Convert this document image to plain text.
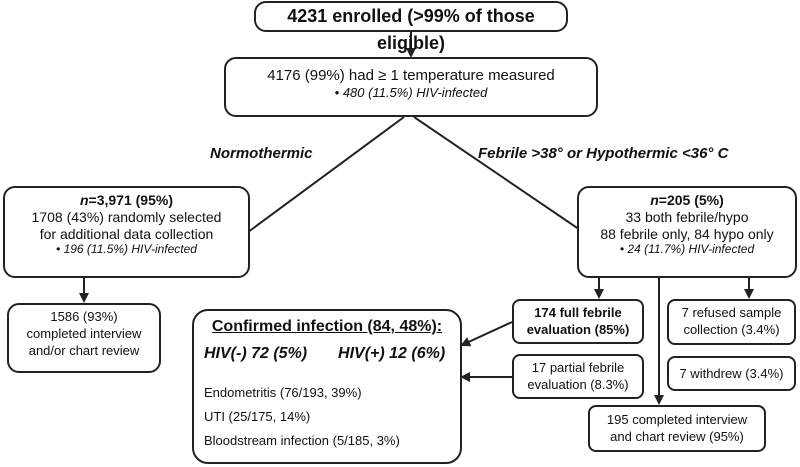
4231 enrolled (>99% of those eligible)
4176 (99%) had ≥ 1 temperature measured
• 480 (11.5%) HIV-infected
Normothermic	Febrile >38° or Hypothermic <36° C
n=3,971 (95%)
1708 (43%) randomly selected
for additional data collection
• 196 (11.5%) HIV-infected
1586 (93%)
completed interview
and/or chart review
n=205 (5%)
33 both febrile/hypo
88 febrile only, 84 hypo only
• 24 (11.7%) HIV-infected
174 full febrile
evaluation (85%)
17 partial febrile
evaluation (8.3%)
7 refused sample
collection (3.4%)
7 withdrew (3.4%)
195 completed interview
and chart review (95%)
Confirmed infection (84, 48%):
HIV(-) 72 (5%) HIV(+) 12 (6%)
Endometritis (76/193, 39%)
UTI (25/175, 14%)
Bloodstream infection (5/185, 3%)
